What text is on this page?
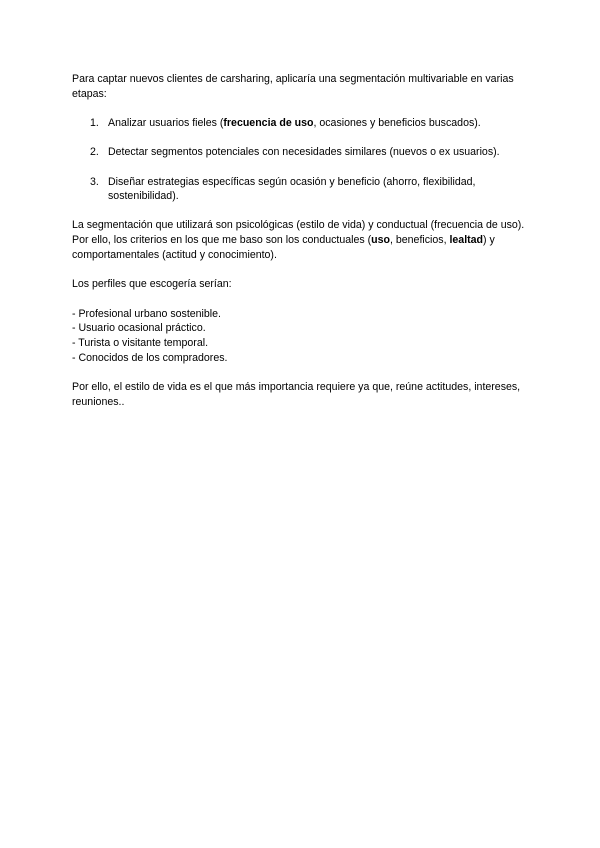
Para captar nuevos clientes de carsharing, aplicaría una segmentación multivariable en varias etapas:

1. Analizar usuarios fieles (frecuencia de uso, ocasiones y beneficios buscados).
2. Detectar segmentos potenciales con necesidades similares (nuevos o ex usuarios).
3. Diseñar estrategias específicas según ocasión y beneficio (ahorro, flexibilidad, sostenibilidad).

La segmentación que utilizará son psicológicas (estilo de vida) y conductual (frecuencia de uso). Por ello, los criterios en los que me baso son los conductuales (uso, beneficios, lealtad) y comportamentales (actitud y conocimiento).

Los perfiles que escogería serían:

- Profesional urbano sostenible.
- Usuario ocasional práctico.
- Turista o visitante temporal.
- Conocidos de los compradores.

Por ello, el estilo de vida es el que más importancia requiere ya que, reúne actitudes, intereses, reuniones..
